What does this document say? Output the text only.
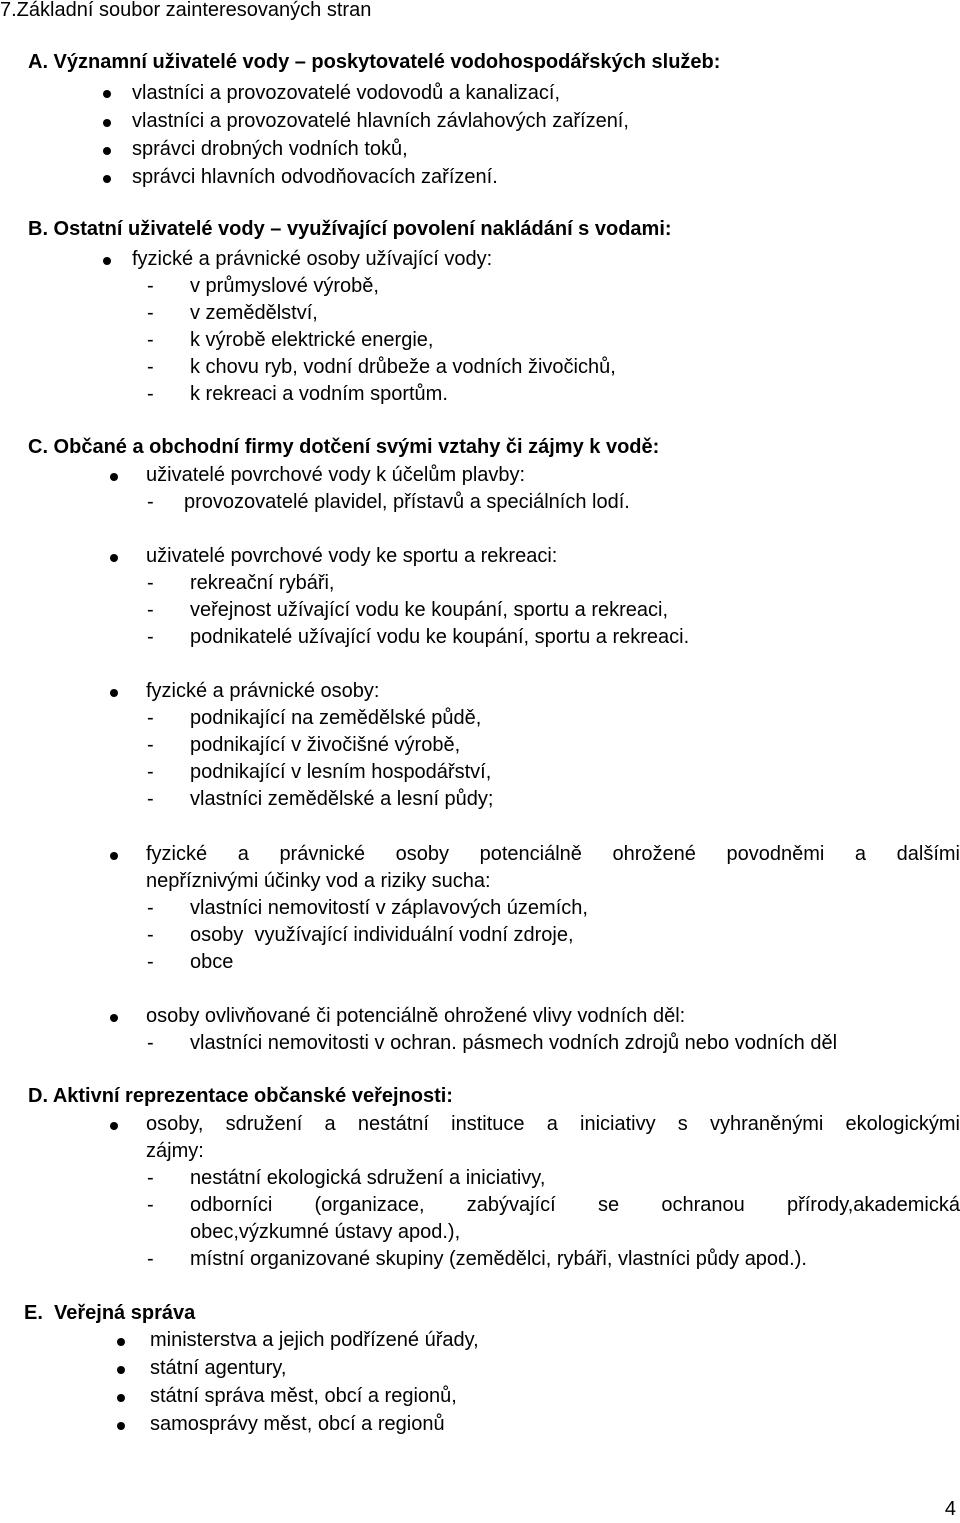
7.Základní soubor zainteresovaných stran
A. Významní uživatelé vody – poskytovatelé vodohospodářských služeb:
vlastníci a provozovatelé vodovodů a kanalizací,
vlastníci a provozovatelé hlavních závlahových zařízení,
správci drobných vodních toků,
správci hlavních odvodňovacích zařízení.
B. Ostatní uživatelé vody – využívající povolení nakládání s vodami:
fyzické a právnické osoby užívající vody:
- v průmyslové výrobě,
- v zemědělství,
- k výrobě elektrické energie,
- k chovu ryb, vodní drůbeže a vodních živočichů,
- k rekreaci a vodním sportům.
C. Občané a obchodní firmy dotčení svými vztahy či zájmy k vodě:
uživatelé povrchové vody k účelům plavby:
- provozovatelé plavidel, přístavů a speciálních lodí.
uživatelé povrchové vody ke sportu a rekreaci:
- rekreační rybáři,
- veřejnost užívající vodu ke koupání, sportu a rekreaci,
- podnikatelé užívající vodu ke koupání, sportu a rekreaci.
fyzické a právnické osoby:
- podnikající na zemědělské půdě,
- podnikající v živočišné výrobě,
- podnikající v lesním hospodářství,
- vlastníci zemědělské a lesní půdy;
fyzické a právnické osoby potenciálně ohrožené povodněmi a dalšími
nepříznivými účinky vod a riziky sucha:
- vlastníci nemovitostí v záplavových územích,
- osoby  využívající individuální vodní zdroje,
- obce
osoby ovlivňované či potenciálně ohrožené vlivy vodních děl:
- vlastníci nemovitosti v ochran. pásmech vodních zdrojů nebo vodních děl
D. Aktivní reprezentace občanské veřejnosti:
osoby, sdružení a nestátní instituce a iniciativy s vyhraněnými ekologickými
zájmy:
- nestátní ekologická sdružení a iniciativy,
- odborníci (organizace, zabývající se ochranou přírody,akademická
obec,výzkumné ústavy apod.),
- místní organizované skupiny (zemědělci, rybáři, vlastníci půdy apod.).
E.  Veřejná správa
ministerstva a jejich podřízené úřady,
státní agentury,
státní správa měst, obcí a regionů,
samosprávy měst, obcí a regionů
4
